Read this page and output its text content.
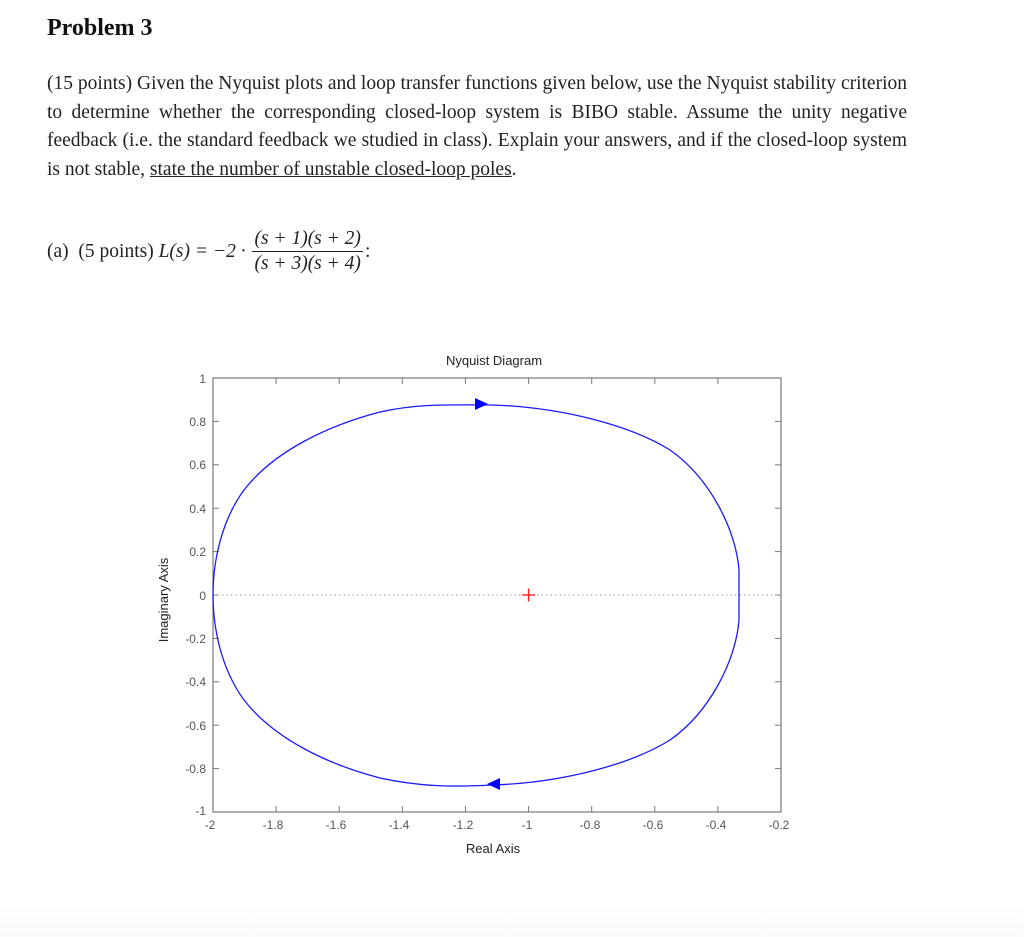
Problem 3
(15 points) Given the Nyquist plots and loop transfer functions given below, use the Nyquist stability criterion to determine whether the corresponding closed-loop system is BIBO stable. Assume the unity negative feedback (i.e. the standard feedback we studied in class). Explain your answers, and if the closed-loop system is not stable, state the number of unstable closed-loop poles.
(a)
(5 points)
L(s) = −2 ·
$\frac{(s + 1)(s + 2)}{(s + 3)(s + 4)}$ :
Nyquist Diagram
-2	-1.8	-1.6	-1.4	-1.2	-1	-0.8	-0.6	-0.4	-0.2
1
0.8
0.6
0.4
0.2
0
-0.2
-0.4
-0.6
-0.8
-1
Real Axis
Imaginary Axis
